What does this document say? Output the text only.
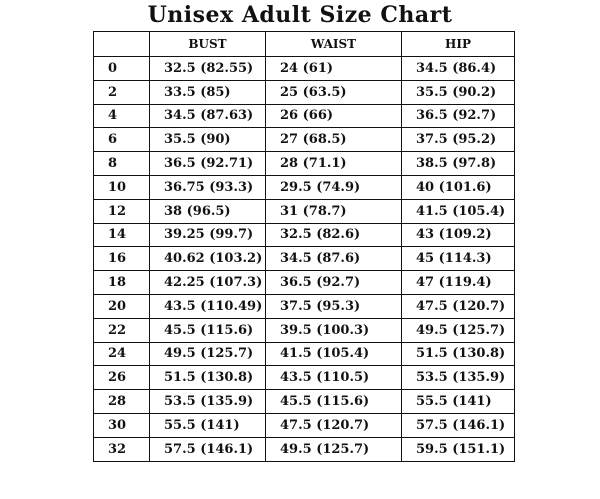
Unisex Adult Size Chart
	BUST	WAIST	HIP
0	32.5 (82.55)	24 (61)	34.5 (86.4)
2	33.5 (85)	25 (63.5)	35.5 (90.2)
4	34.5 (87.63)	26 (66)	36.5 (92.7)
6	35.5 (90)	27 (68.5)	37.5 (95.2)
8	36.5 (92.71)	28 (71.1)	38.5 (97.8)
10	36.75 (93.3)	29.5 (74.9)	40 (101.6)
12	38 (96.5)	31 (78.7)	41.5 (105.4)
14	39.25 (99.7)	32.5 (82.6)	43 (109.2)
16	40.62 (103.2)	34.5 (87.6)	45 (114.3)
18	42.25 (107.3)	36.5 (92.7)	47 (119.4)
20	43.5 (110.49)	37.5 (95.3)	47.5 (120.7)
22	45.5 (115.6)	39.5 (100.3)	49.5 (125.7)
24	49.5 (125.7)	41.5 (105.4)	51.5 (130.8)
26	51.5 (130.8)	43.5 (110.5)	53.5 (135.9)
28	53.5 (135.9)	45.5 (115.6)	55.5 (141)
30	55.5 (141)	47.5 (120.7)	57.5 (146.1)
32	57.5 (146.1)	49.5 (125.7)	59.5 (151.1)
